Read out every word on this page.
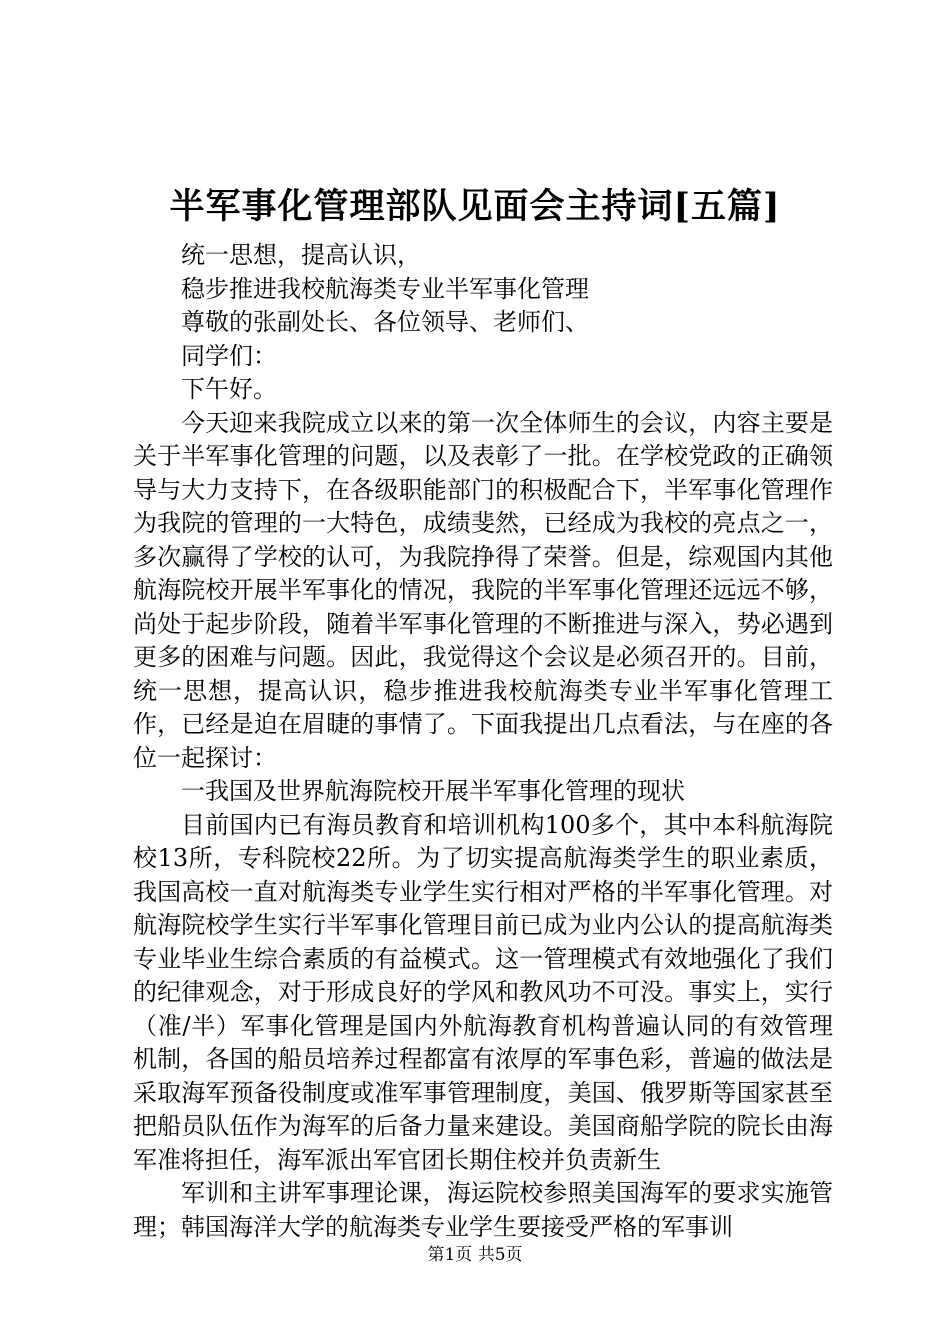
半军事化管理部队见面会主持词[五篇]

统一思想，提高认识，

稳步推进我校航海类专业半军事化管理

尊敬的张副处长、各位领导、老师们、

同学们：

下午好。

今天迎来我院成立以来的第一次全体师生的会议，内容主要是关于半军事化管理的问题，以及表彰了一批。在学校党政的正确领导与大力支持下，在各级职能部门的积极配合下，半军事化管理作为我院的管理的一大特色，成绩斐然，已经成为我校的亮点之一，多次赢得了学校的认可，为我院挣得了荣誉。但是，综观国内其他航海院校开展半军事化的情况，我院的半军事化管理还远远不够，尚处于起步阶段，随着半军事化管理的不断推进与深入，势必遇到更多的困难与问题。因此，我觉得这个会议是必须召开的。目前，统一思想，提高认识，稳步推进我校航海类专业半军事化管理工作，已经是迫在眉睫的事情了。下面我提出几点看法，与在座的各位一起探讨：

一我国及世界航海院校开展半军事化管理的现状

目前国内已有海员教育和培训机构100多个，其中本科航海院校13所，专科院校22所。为了切实提高航海类学生的职业素质，我国高校一直对航海类专业学生实行相对严格的半军事化管理。对航海院校学生实行半军事化管理目前已成为业内公认的提高航海类专业毕业生综合素质的有益模式。这一管理模式有效地强化了我们的纪律观念，对于形成良好的学风和教风功不可没。事实上，实行（准/半）军事化管理是国内外航海教育机构普遍认同的有效管理机制，各国的船员培养过程都富有浓厚的军事色彩，普遍的做法是采取海军预备役制度或准军事管理制度，美国、俄罗斯等国家甚至把船员队伍作为海军的后备力量来建设。美国商船学院的院长由海军准将担任，海军派出军官团长期住校并负责新生

军训和主讲军事理论课，海运院校参照美国海军的要求实施管理；韩国海洋大学的航海类专业学生要接受严格的军事训

第1页 共5页
